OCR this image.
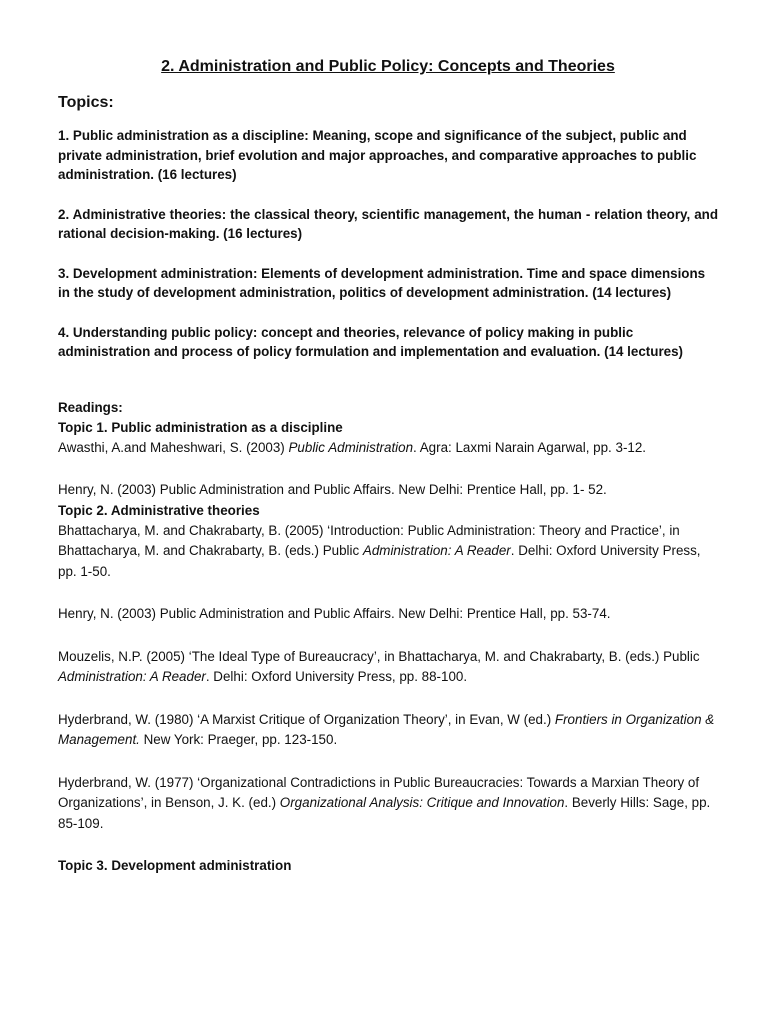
2. Administration and Public Policy: Concepts and Theories
Topics:
1. Public administration as a discipline: Meaning, scope and significance of the subject, public and private administration, brief evolution and major approaches, and comparative approaches to public administration. (16 lectures)
2. Administrative theories: the classical theory, scientific management, the human - relation theory, and rational decision-making. (16 lectures)
3. Development administration: Elements of development administration. Time and space dimensions in the study of development administration, politics of development administration. (14 lectures)
4. Understanding public policy: concept and theories, relevance of policy making in public administration and process of policy formulation and implementation and evaluation. (14 lectures)
Readings:
Topic 1. Public administration as a discipline

Awasthi, A.and Maheshwari, S. (2003) Public Administration. Agra: Laxmi Narain Agarwal, pp. 3-12.

Henry, N. (2003) Public Administration and Public Affairs. New Delhi: Prentice Hall, pp. 1- 52.

Topic 2. Administrative theories

Bhattacharya, M. and Chakrabarty, B. (2005) ‘Introduction: Public Administration: Theory and Practice’, in Bhattacharya, M. and Chakrabarty, B. (eds.) Public Administration: A Reader. Delhi: Oxford University Press, pp. 1-50.

Henry, N. (2003) Public Administration and Public Affairs. New Delhi: Prentice Hall, pp. 53-74.

Mouzelis, N.P. (2005) ‘The Ideal Type of Bureaucracy’, in Bhattacharya, M. and Chakrabarty, B. (eds.) Public Administration: A Reader. Delhi: Oxford University Press, pp. 88-100.

Hyderbrand, W. (1980) ‘A Marxist Critique of Organization Theory’, in Evan, W (ed.) Frontiers in Organization & Management. New York: Praeger, pp. 123-150.

Hyderbrand, W. (1977) ‘Organizational Contradictions in Public Bureaucracies: Towards a Marxian Theory of Organizations’, in Benson, J. K. (ed.) Organizational Analysis: Critique and Innovation. Beverly Hills: Sage, pp. 85-109.

Topic 3. Development administration
